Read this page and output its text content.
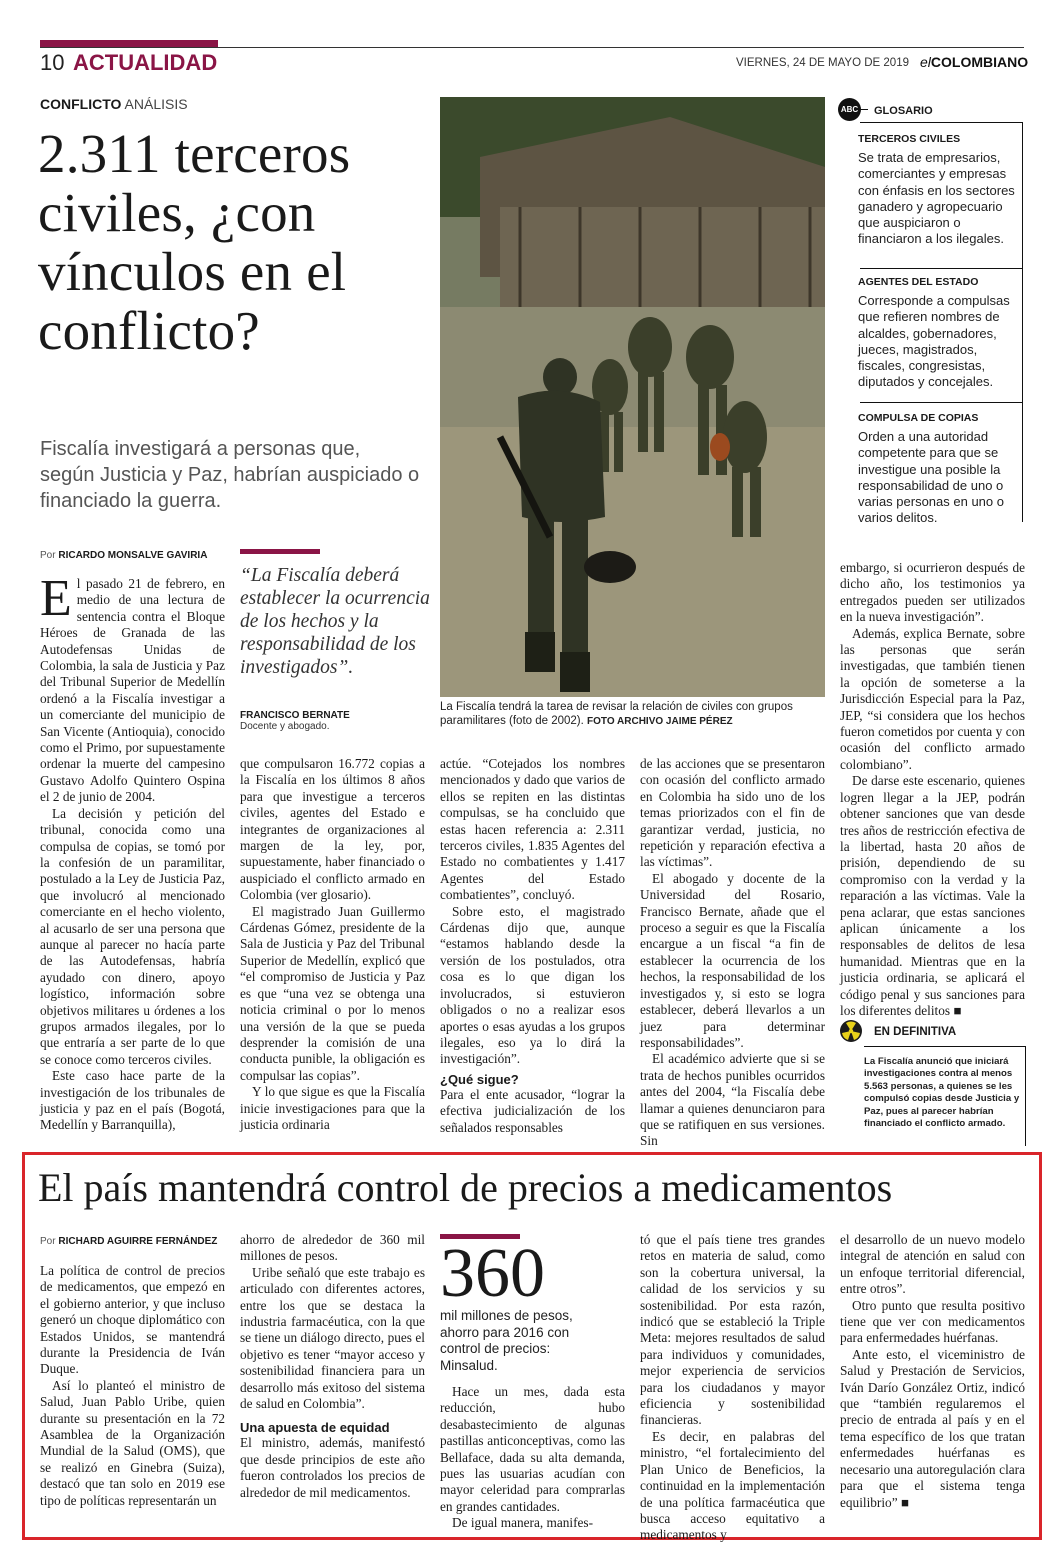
10 ACTUALIDAD	VIERNES, 24 DE MAYO DE 2019 elCOLOMBIANO
CONFLICTO ANÁLISIS
2.311 terceros civiles, ¿con vínculos en el conflicto?
Fiscalía investigará a personas que, según Justicia y Paz, habrían auspiciado o financiado la guerra.
La Fiscalía tendrá la tarea de revisar la relación de civiles con grupos paramilitares (foto de 2002). FOTO ARCHIVO JAIME PÉREZ
ABC GLOSARIO
TERCEROS CIVILES
Se trata de empresarios, comerciantes y empresas con énfasis en los sectores ganadero y agropecuario que auspiciaron o financiaron a los ilegales.
AGENTES DEL ESTADO
Corresponde a compulsas que refieren nombres de alcaldes, gobernadores, jueces, magistrados, fiscales, congresistas, diputados y concejales.
COMPULSA DE COPIAS
Orden a una autoridad competente para que se investigue una posible la responsabilidad de uno o varias personas en uno o varios delitos.
Por RICARDO MONSALVE GAVIRIA

El pasado 21 de febrero, en medio de una lectura de sentencia contra el Bloque Héroes de Granada de las Autodefensas Unidas de Colombia, la sala de Justicia y Paz del Tribunal Superior de Medellín ordenó a la Fiscalía investigar a un comerciante del municipio de San Vicente (Antioquia), conocido como el Primo, por supuestamente ordenar la muerte del campesino Gustavo Adolfo Quintero Ospina el 2 de junio de 2004.

La decisión y petición del tribunal, conocida como una compulsa de copias, se tomó por la confesión de un paramilitar, postulado a la Ley de Justicia Paz, que involucró al mencionado comerciante en el hecho violento, al acusarlo de ser una persona que aunque al parecer no hacía parte de las Autodefensas, habría ayudado con dinero, apoyo logístico, información sobre objetivos militares u órdenes a los grupos armados ilegales, por lo que entraría a ser parte de lo que se conoce como terceros civiles.

Este caso hace parte de la investigación de los tribunales de justicia y paz en el país (Bogotá, Medellín y Barranquilla),

“La Fiscalía deberá establecer la ocurrencia de los hechos y la responsabilidad de los investigados”.
FRANCISCO BERNATE
Docente y abogado.

que compulsaron 16.772 copias a la Fiscalía en los últimos 8 años para que investigue a terceros civiles, agentes del Estado e integrantes de organizaciones al margen de la ley, por, supuestamente, haber financiado o auspiciado el conflicto armado en Colombia (ver glosario).

El magistrado Juan Guillermo Cárdenas Gómez, presidente de la Sala de Justicia y Paz del Tribunal Superior de Medellín, explicó que “el compromiso de Justicia y Paz es que “una vez se obtenga una noticia criminal o por lo menos una versión de la que se pueda desprender la comisión de una conducta punible, la obligación es compulsar las copias”.

Y lo que sigue es que la Fiscalía inicie investigaciones para que la justicia ordinaria

actúe. “Cotejados los nombres mencionados y dado que varios de ellos se repiten en las distintas compulsas, se ha concluido que estas hacen referencia a: 2.311 terceros civiles, 1.835 Agentes del Estado no combatientes y 1.417 Agentes del Estado combatientes”, concluyó.

Sobre esto, el magistrado Cárdenas dijo que, aunque “estamos hablando desde la versión de los postulados, otra cosa es lo que digan los involucrados, si estuvieron obligados o no a realizar esos aportes o esas ayudas a los grupos ilegales, eso ya lo dirá la investigación”.

¿Qué sigue?

Para el ente acusador, “lograr la efectiva judicialización de los señalados responsables

de las acciones que se presentaron con ocasión del conflicto armado en Colombia ha sido uno de los temas priorizados con el fin de garantizar verdad, justicia, no repetición y reparación efectiva a las víctimas”.

El abogado y docente de la Universidad del Rosario, Francisco Bernate, añade que el proceso a seguir es que la Fiscalía encargue a un fiscal “a fin de establecer la ocurrencia de los hechos, la responsabilidad de los investigados y, si esto se logra establecer, deberá llevarlos a un juez para determinar responsabilidades”.

El académico advierte que si se trata de hechos punibles ocurridos antes del 2004, “la Fiscalía debe llamar a quienes denunciaron para que se ratifiquen en sus versiones. Sin

embargo, si ocurrieron después de dicho año, los testimonios ya entregados pueden ser utilizados en la nueva investigación”.

Además, explica Bernate, sobre las personas que serán investigadas, que también tienen la opción de someterse a la Jurisdicción Especial para la Paz, JEP, “si considera que los hechos fueron cometidos por cuenta y con ocasión del conflicto armado colombiano”.

De darse este escenario, quienes logren llegar a la JEP, podrán obtener sanciones que van desde tres años de restricción efectiva de la libertad, hasta 20 años de prisión, dependiendo de su compromiso con la verdad y la reparación a las víctimas. Vale la pena aclarar, que estas sanciones aplican únicamente a los responsables de delitos de lesa humanidad. Mientras que en la justicia ordinaria, se aplicará el código penal y sus sanciones para los diferentes delitos ■

EN DEFINITIVA
La Fiscalía anunció que iniciará investigaciones contra al menos 5.563 personas, a quienes se les compulsó copias desde Justicia y Paz, pues al parecer habrían financiado el conflicto armado.
El país mantendrá control de precios a medicamentos
Por RICHARD AGUIRRE FERNÁNDEZ

La política de control de precios de medicamentos, que empezó en el gobierno anterior, y que incluso generó un choque diplomático con Estados Unidos, se mantendrá durante la Presidencia de Iván Duque.

Así lo planteó el ministro de Salud, Juan Pablo Uribe, quien durante su presentación en la 72 Asamblea de la Organización Mundial de la Salud (OMS), que se realizó en Ginebra (Suiza), destacó que tan solo en 2019 ese tipo de políticas representarán un

ahorro de alrededor de 360 mil millones de pesos.

Uribe señaló que este trabajo es articulado con diferentes actores, entre los que se destaca la industria farmacéutica, con la que se tiene un diálogo directo, pues el objetivo es tener “mayor acceso y sostenibilidad financiera para un desarrollo más exitoso del sistema de salud en Colombia”.

Una apuesta de equidad

El ministro, además, manifestó que desde principios de este año fueron controlados los precios de alrededor de mil medicamentos.

360
mil millones de pesos, ahorro para 2016 con control de precios: Minsalud.

Hace un mes, dada esta reducción, hubo desabastecimiento de algunas pastillas anticonceptivas, como las Bellaface, dada su alta demanda, pues las usuarias acudían con mayor celeridad para comprarlas en grandes cantidades.

De igual manera, manifes-

tó que el país tiene tres grandes retos en materia de salud, como son la cobertura universal, la calidad de los servicios y su sostenibilidad. Por esta razón, indicó que se estableció la Triple Meta: mejores resultados de salud para individuos y comunidades, mejor experiencia de servicios para los ciudadanos y mayor eficiencia y sostenibilidad financieras.

Es decir, en palabras del ministro, “el fortalecimiento del Plan Unico de Beneficios, la continuidad en la implementación de una política farmacéutica que busca acceso equitativo a medicamentos y

el desarrollo de un nuevo modelo integral de atención en salud con un enfoque territorial diferencial, entre otros”.

Otro punto que resulta positivo tiene que ver con medicamentos para enfermedades huérfanas.

Ante esto, el viceministro de Salud y Prestación de Servicios, Iván Darío González Ortiz, indicó que “también regularemos el precio de entrada al país y en el tema específico de los que tratan enfermedades huérfanas es necesario una autoregulación clara para que el sistema tenga equilibrio” ■
